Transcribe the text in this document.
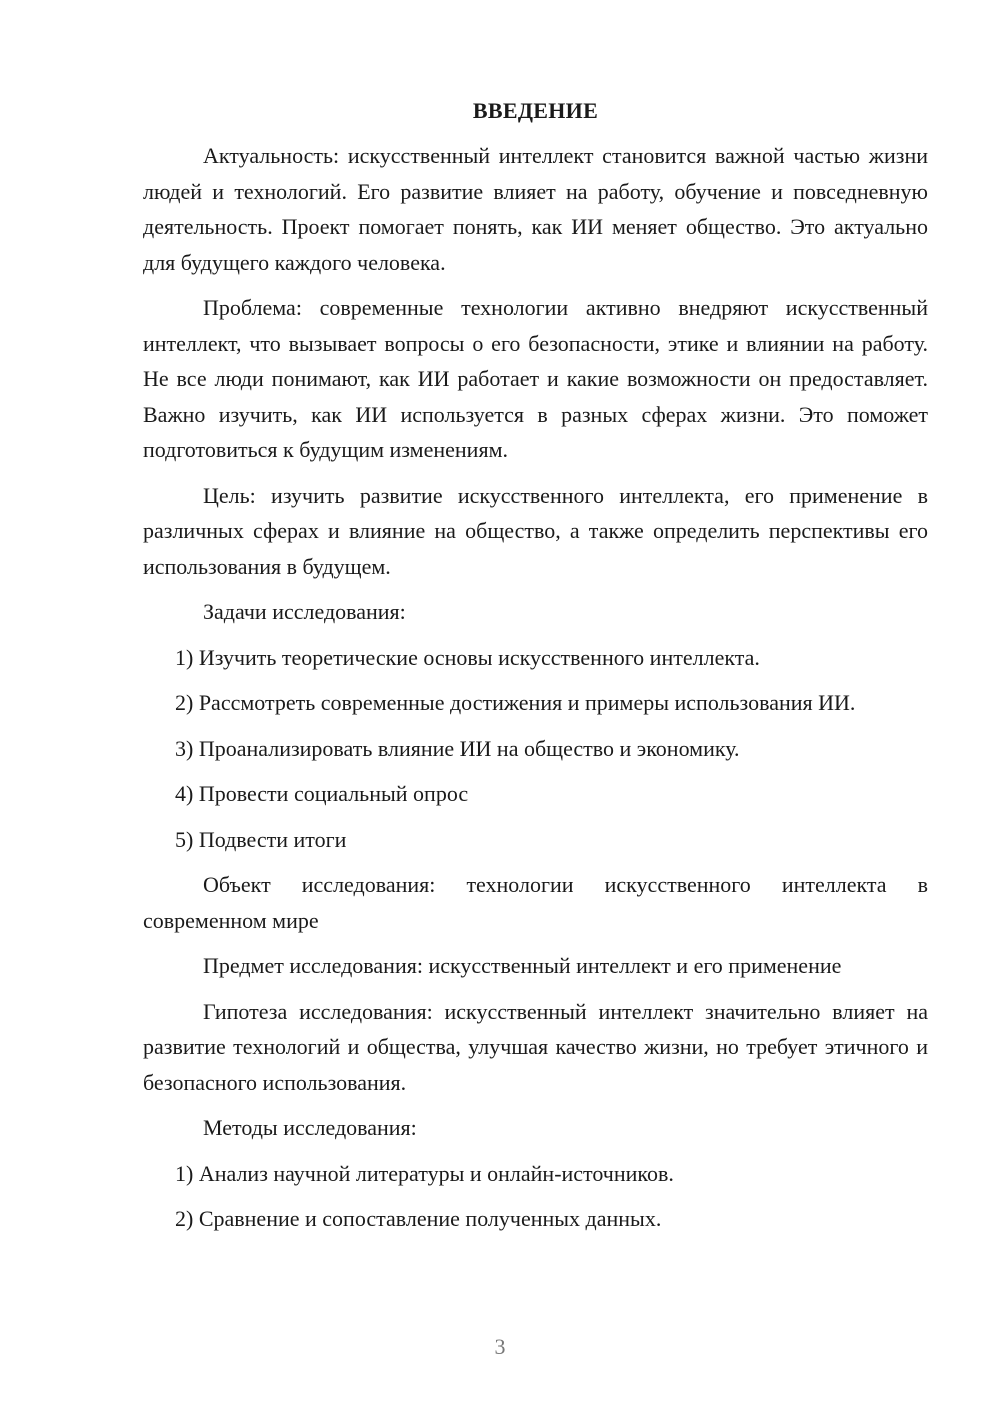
ВВЕДЕНИЕ

Актуальность: искусственный интеллект становится важной частью жизни людей и технологий. Его развитие влияет на работу, обучение и повседневную деятельность. Проект помогает понять, как ИИ меняет общество. Это актуально для будущего каждого человека.

Проблема: современные технологии активно внедряют искусственный интеллект, что вызывает вопросы о его безопасности, этике и влиянии на работу. Не все люди понимают, как ИИ работает и какие возможности он предоставляет. Важно изучить, как ИИ используется в разных сферах жизни. Это поможет подготовиться к будущим изменениям.

Цель: изучить развитие искусственного интеллекта, его применение в различных сферах и влияние на общество, а также определить перспективы его использования в будущем.

Задачи исследования:

1) Изучить теоретические основы искусственного интеллекта.

2) Рассмотреть современные достижения и примеры использования ИИ.

3) Проанализировать влияние ИИ на общество и экономику.

4) Провести социальный опрос

5) Подвести итоги

Объект исследования: технологии искусственного интеллекта в современном мире

Предмет исследования: искусственный интеллект и его применение

Гипотеза исследования: искусственный интеллект значительно влияет на развитие технологий и общества, улучшая качество жизни, но требует этичного и безопасного использования.

Методы исследования:

1) Анализ научной литературы и онлайн-источников.

2) Сравнение и сопоставление полученных данных.

3
